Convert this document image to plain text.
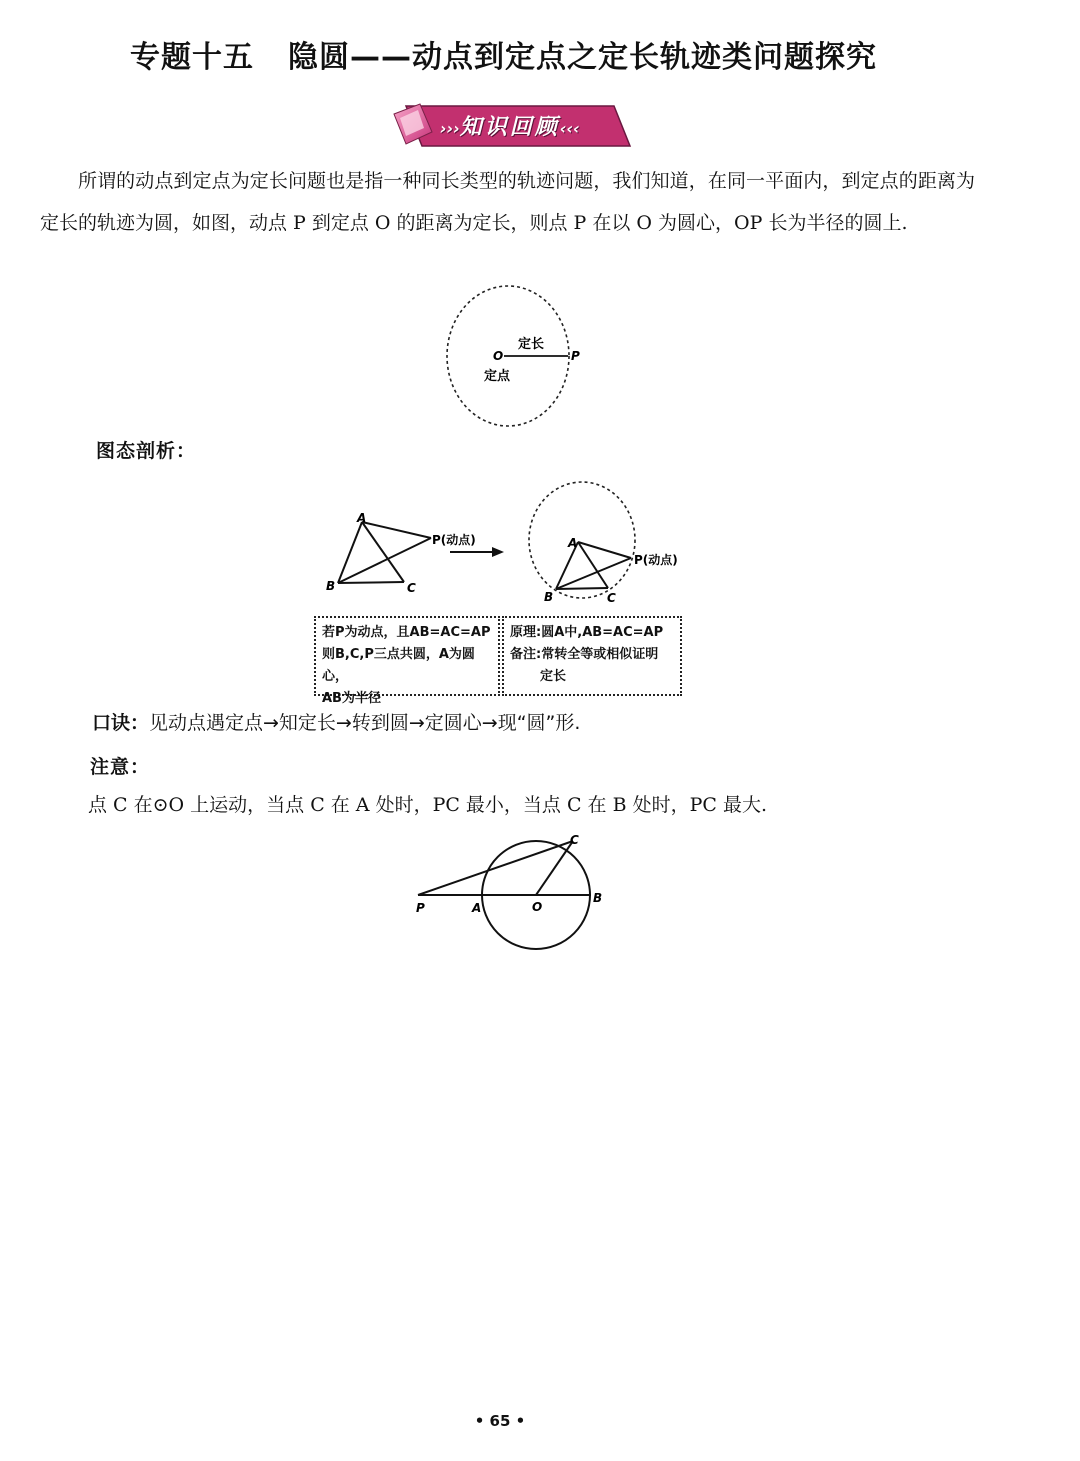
专题十五 隐圆——动点到定点之定长轨迹类问题探究
›››知识回顾‹‹‹
所谓的动点到定点为定长问题也是指一种同长类型的轨迹问题，我们知道，在同一平面内，到定点的距离为定长的轨迹为圆，如图，动点 P 到定点 O 的距离为定长，则点 P 在以 O 为圆心，OP 长为半径的圆上.
O	P
定长
定点
图态剖析：
A
B	C
P(动点)	A
B	C
P(动点)
若P为动点，且AB=AC=AP
则B,C,P三点共圆，A为圆心，
AB为半径
原理:圆A中,AB=AC=AP
备注:常转全等或相似证明
定长
口诀：见动点遇定点→知定长→转到圆→定圆心→现“圆”形.
注意：
点 C 在⊙O 上运动，当点 C 在 A 处时，PC 最小，当点 C 在 B 处时，PC 最大.
P	A	O
B
C
• 65 •
